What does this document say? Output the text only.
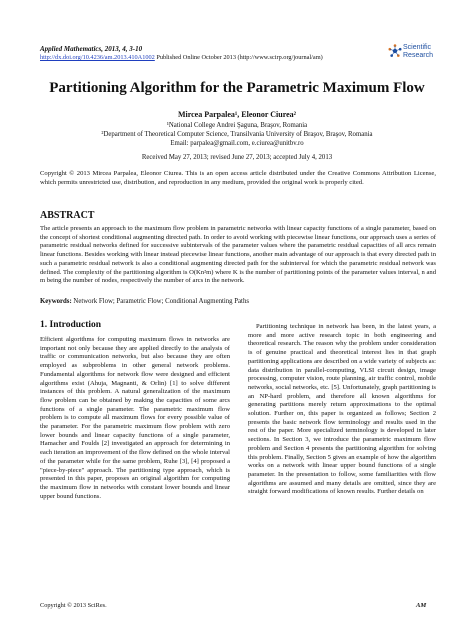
Applied Mathematics, 2013, 4, 3-10
http://dx.doi.org/10.4236/am.2013.410A1002 Published Online October 2013 (http://www.scirp.org/journal/am)
Scientific
Research
Partitioning Algorithm for the Parametric Maximum Flow
Mircea Parpalea¹, Eleonor Ciurea²
¹National College Andrei Şaguna, Braşov, Romania
²Department of Theoretical Computer Science, Transilvania University of Braşov, Braşov, Romania
Email: parpalea@gmail.com, e.ciurea@unitbv.ro
Received May 27, 2013; revised June 27, 2013; accepted July 4, 2013
Copyright © 2013 Mircea Parpalea, Eleonor Ciurea. This is an open access article distributed under the Creative Commons Attribution License, which permits unrestricted use, distribution, and reproduction in any medium, provided the original work is properly cited.
ABSTRACT
The article presents an approach to the maximum flow problem in parametric networks with linear capacity functions of a single parameter, based on the concept of shortest conditional augmenting directed path. In order to avoid working with piecewise linear functions, our approach uses a series of parametric residual networks defined for successive subintervals of the parameter values where the parametric residual capacities of all arcs remain linear functions. Besides working with linear instead piecewise linear functions, another main advantage of our approach is that every directed path in such a parametric residual network is also a conditional augmenting directed path for the subinterval for which the parametric residual network was defined. The complexity of the partitioning algorithm is O(Kn²m) where K is the number of partitioning points of the parameter values interval, n and m being the number of nodes, respectively the number of arcs in the network.
Keywords: Network Flow; Parametric Flow; Conditional Augmenting Paths
1. Introduction
Efficient algorithms for computing maximum flows in networks are important not only because they are applied directly to the analysis of traffic or communication networks, but also because they are often employed as subproblems in other general network problems. Fundamental algorithms for network flow were designed and efficient algorithms exist (Ahuja, Magnanti, & Orlin) [1] to solve different instances of this problem. A natural generalization of the maximum flow problem can be obtained by making the capacities of some arcs functions of a single parameter. The parametric maximum flow problem is to compute all maximum flows for every possible value of the parameter. For the parametric maximum flow problem with zero lower bounds and linear capacity functions of a single parameter, Hamacher and Foulds [2] investigated an approach for determining in each iteration an improvement of the flow defined on the whole interval of the parameter while for the same problem, Ruhe [3], [4] proposed a "piece-by-piece" approach. The partitioning type approach, which is presented in this paper, proposes an original algorithm for computing the maximum flow in networks with constant lower bounds and linear upper bound functions.
Partitioning technique in network has been, in the latest years, a more and more active research topic in both engineering and theoretical research. The reason why the problem under consideration is of genuine practical and theoretical interest lies in that graph partitioning applications are described on a wide variety of subjects as: data distribution in parallel-computing, VLSI circuit design, image processing, computer vision, route planning, air traffic control, mobile networks, social networks, etc. [5]. Unfortunately, graph partitioning is an NP-hard problem, and therefore all known algorithms for generating partitions merely return approximations to the optimal solution. Further on, this paper is organized as follows; Section 2 presents the basic network flow terminology and results used in the rest of the paper. More specialized terminology is developed in later sections. In Section 3, we introduce the parametric maximum flow problem and Section 4 presents the partitioning algorithm for solving this problem. Finally, Section 5 gives an example of how the algorithm works on a network with linear upper bound functions of a single parameter. In the presentation to follow, some familiarities with flow algorithms are assumed and many details are omitted, since they are straight forward modifications of known results. Further details on
Copyright © 2013 SciRes.	AM
